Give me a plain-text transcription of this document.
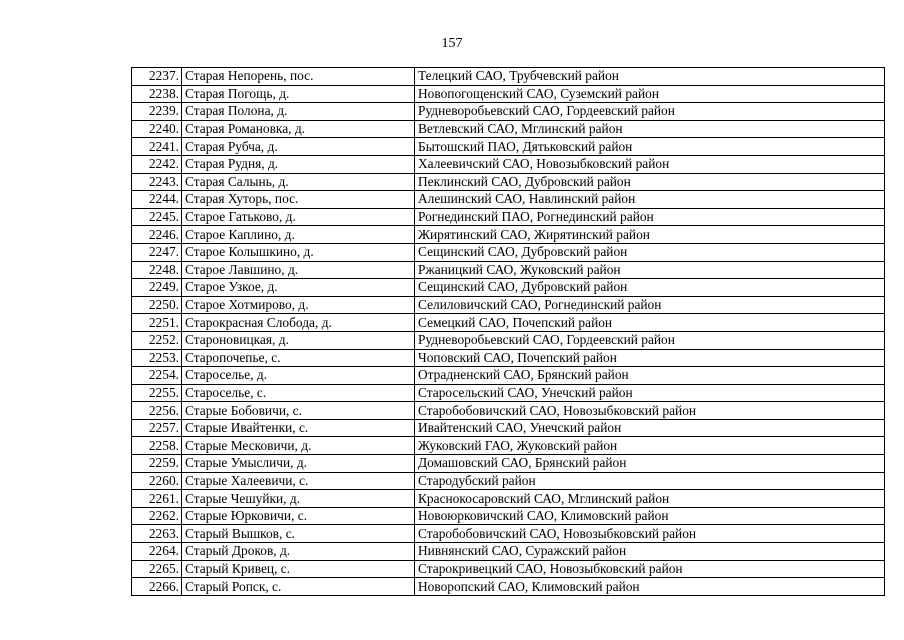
157
2237.	Старая Непорень, пос.	Телецкий САО, Трубчевский район
2238.	Старая Погощь, д.	Новопогощенский САО, Суземский район
2239.	Старая Полона, д.	Рудневоробьевский САО, Гордеевский район
2240.	Старая Романовка, д.	Ветлевский САО, Мглинский район
2241.	Старая Рубча, д.	Бытошский ПАО, Дятьковский район
2242.	Старая Рудня, д.	Халеевичский САО, Новозыбковский район
2243.	Старая Салынь, д.	Пеклинский САО, Дубровский район
2244.	Старая Хуторь, пос.	Алешинский САО, Навлинский район
2245.	Старое Гатьково, д.	Рогнединский ПАО, Рогнединский район
2246.	Старое Каплино, д.	Жирятинский САО, Жирятинский район
2247.	Старое Колышкино, д.	Сещинский САО, Дубровский район
2248.	Старое Лавшино, д.	Ржаницкий САО, Жуковский район
2249.	Старое Узкое, д.	Сещинский САО, Дубровский район
2250.	Старое Хотмирово, д.	Селиловичский САО, Рогнединский район
2251.	Старокрасная Слобода, д.	Семецкий САО, Почепский район
2252.	Староновицкая, д.	Рудневоробьевский САО, Гордеевский район
2253.	Старопочепье, с.	Чоповский САО, Почепский район
2254.	Староселье, д.	Отрадненский САО, Брянский район
2255.	Староселье, с.	Старосельский САО, Унечский район
2256.	Старые Бобовичи, с.	Старобобовичский САО, Новозыбковский район
2257.	Старые Ивайтенки, с.	Ивайтенский САО, Унечский район
2258.	Старые Месковичи, д.	Жуковский ГАО, Жуковский район
2259.	Старые Умысличи, д.	Домашовский САО, Брянский район
2260.	Старые Халеевичи, с.	Стародубский район
2261.	Старые Чешуйки, д.	Краснокосаровский САО, Мглинский район
2262.	Старые Юрковичи, с.	Новоюрковичский САО, Климовский район
2263.	Старый Вышков, с.	Старобобовичский САО, Новозыбковский район
2264.	Старый Дроков, д.	Нивнянский САО, Суражский район
2265.	Старый Кривец, с.	Старокривецкий САО, Новозыбковский район
2266.	Старый Ропск, с.	Новоропский САО, Климовский район
